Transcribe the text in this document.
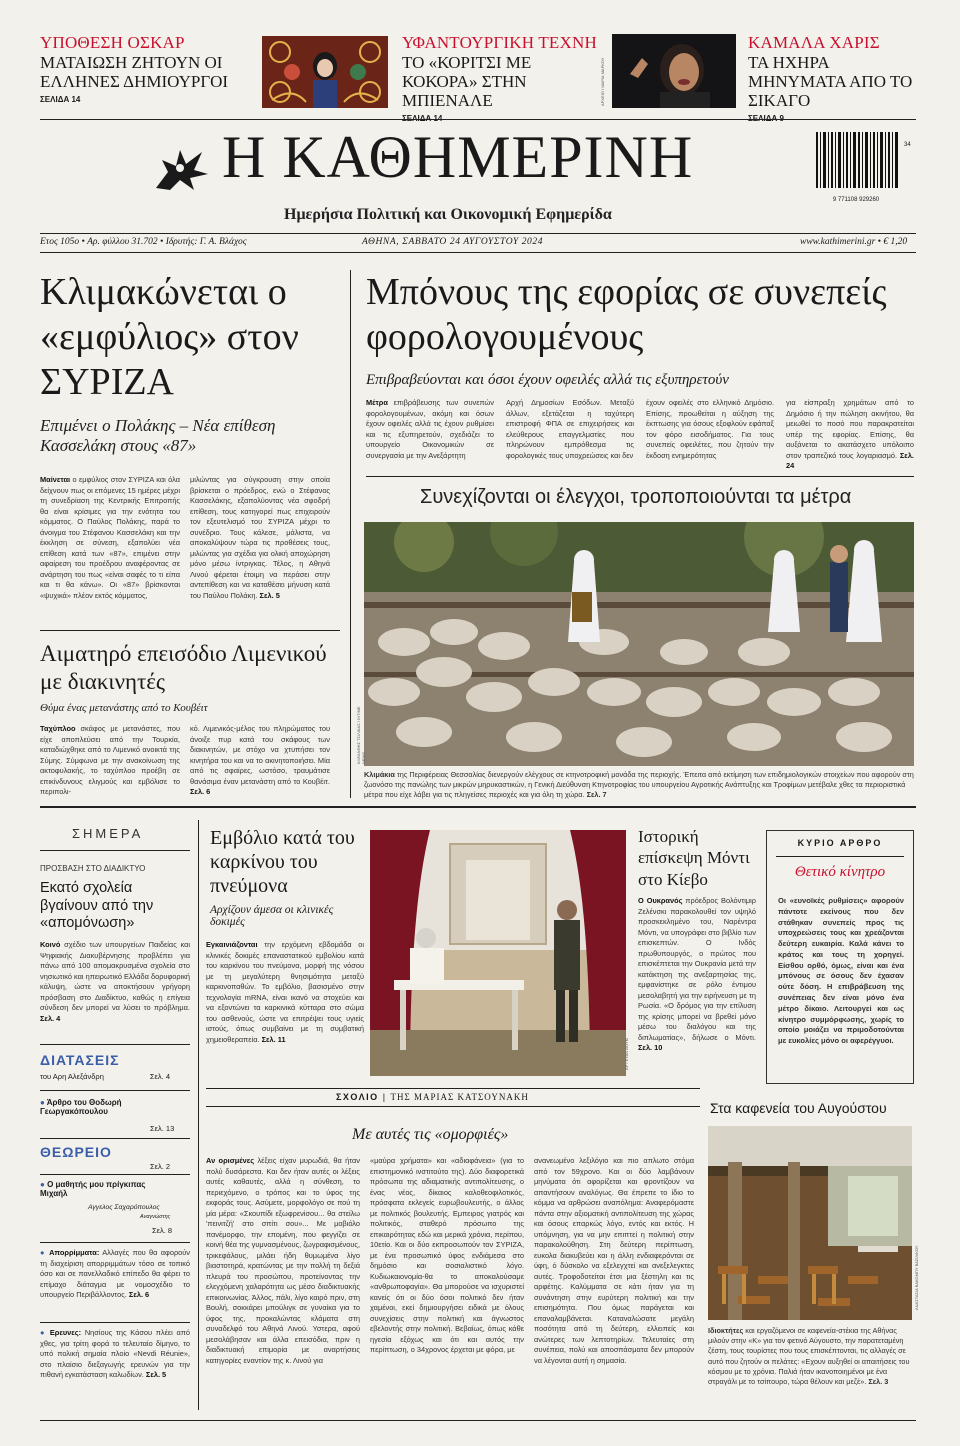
ΥΠΟΘΕΣΗ ΟΣΚΑΡ
ΜΑΤΑΙΩΣΗ ΖΗΤΟΥΝ ΟΙ ΕΛΛΗΝΕΣ ΔΗΜΙΟΥΡΓΟΙ
ΣΕΛΙΔΑ 14
ΥΦΑΝΤΟΥΡΓΙΚΗ ΤΕΧΝΗ
ΤΟ «ΚΟΡΙΤΣΙ ΜΕ ΚΟΚΟΡΑ» ΣΤΗΝ ΜΠΙΕΝΑΛΕ	ΑΡΧΕΙΟ / ΜΑΡΙΑ ΜΑΡΚΟΥ
ΚΑΜΑΛΑ ΧΑΡΙΣ
ΤΑ ΗΧΗΡΑ ΜΗΝΥΜΑΤΑ ΑΠΟ ΤΟ ΣΙΚΑΓΟ
Η ΚΑΘΗΜΕΡΙΝΗ
Ημερήσια Πολιτική και Οικονομική Εφημερίδα
9 771108 929260
34
Ετος 105ο • Αρ. φύλλου 31.702 • Ιδρυτής: Γ. Α. Βλάχος	ΑΘΗΝΑ, ΣΑΒΒΑΤΟ 24 ΑΥΓΟΥΣΤΟΥ 2024	www.kathimerini.gr • € 1,20
Κλιμακώνεται ο «εμφύλιος» στον ΣΥΡΙΖΑ
Επιμένει ο Πολάκης – Νέα επίθεση Κασσελάκη στους «87»
Μαίνεται ο εμφύλιος στον ΣΥΡΙΖΑ και όλα δείχνουν πως οι επόμενες 15 ημέρες μέχρι τη συνεδρίαση της Κεντρικής Επιτροπής θα είναι κρίσιμες για την ενότητα του κόμματος. Ο Παύλος Πολάκης, παρά το άνοιγμα του Στέφανου Κασσελάκη και την έκκληση σε σύνεση, εξαπολύει νέα επίθεση κατά των «87», επιμένει στην αφαίρεση του προέδρου αναφέροντας σε ανάρτηση του πως «είναι σαφές το τι είπα και τι θα κάνω». Οι «87» βρίσκονται «ψυχικά» πλέον εκτός κόμματος,
μιλώντας για σύγκρουση στην οποία βρίσκεται ο πρόεδρος, ενώ ο Στέφανος Κασσελάκης, εξαπολύοντας νέα σφοδρή επίθεση, τους κατηγορεί πως επιχειρούν τον εξευτελισμό του ΣΥΡΙΖΑ μέχρι το συνέδριο. Τους κάλεσε, μάλιστα, να αποκαλύψουν τώρα τις προθέσεις τους, μιλώντας για σχέδια για ολική αποχώρηση μόνο μέσω ίντριγκας. Τέλος, η Αθηνά Λινού φέρεται έτοιμη να περάσει στην αντεπίθεση και να καταθέσει μήνυση κατά του Παύλου Πολάκη. Σελ. 5
Αιματηρό επεισόδιο Λιμενικού με διακινητές
Θύμα ένας μετανάστης από το Κουβέιτ
Ταχύπλοο σκάφος με μετανάστες, που είχε αποπλεύσει από την Τουρκία, καταδιώχθηκε από το Λιμενικό ανοικτά της Σύμης. Σύμφωνα με την ανακοίνωση της ακτοφυλακής, το ταχύπλοο προέβη σε επικίνδυνους ελιγμούς και εμβόλισε το περιπολι-
κό. Λιμενικός-μέλος του πληρώματος του άνοιξε πυρ κατά του σκάφους των διακινητών, με στόχο να χτυπήσει τον κινητήρα του και να το ακινητοποιήσει. Μία από τις σφαίρες, ωστόσο, τραυμάτισε θανάσιμα έναν μετανάστη από το Κουβέιτ. Σελ. 6
Μπόνους της εφορίας σε συνεπείς φορολογουμένους
Επιβραβεύονται και όσοι έχουν οφειλές αλλά τις εξυπηρετούν
Μέτρα επιβράβευσης των συνεπών φορολογουμένων, ακόμη και όσων έχουν οφειλές αλλά τις έχουν ρυθμίσει και τις εξυπηρετούν, σχεδιάζει το υπουργείο Οικονομικών σε συνεργασία με την Ανεξάρτητη
Αρχή Δημοσίων Εσόδων. Μεταξύ άλλων, εξετάζεται η ταχύτερη επιστροφή ΦΠΑ σε επιχειρήσεις και ελεύθερους επαγγελματίες που πληρώνουν εμπρόθεσμα τις φορολογικές τους υποχρεώσεις και δεν
έχουν οφειλές στο ελληνικό Δημόσιο. Επίσης, προωθείται η αύξηση της έκπτωσης για όσους εξοφλούν εφάπαξ τον φόρο εισοδήματος. Για τους συνεπείς οφειλέτες, που ζητούν την έκδοση ενημερότητας
για είσπραξη χρημάτων από το Δημόσιο ή την πώληση ακινήτου, θα μειωθεί το ποσό που παρακρατείται υπέρ της εφορίας. Επίσης, θα αυξάνεται το ακατάσχετο υπόλοιπο στον τραπεζικό τους λογαριασμό. Σελ. 24
Συνεχίζονται οι έλεγχοι, τροποποιούνται τα μέτρα
ΚΛΕΑΝΘΗΣ ΤΣΙΛΙΚΑΣ / INTIME NEWS
Κλιμάκια της Περιφέρειας Θεσσαλίας διενεργούν ελέγχους σε κτηνοτροφική μονάδα της περιοχής. Έπειτα από εκτίμηση των επιδημιολογικών στοιχείων που αφορούν στη ζωονόσο της πανώλης των μικρών μηρυκαστικών, η Γενική Διεύθυνση Κτηνοτροφίας του υπουργείου Αγροτικής Ανάπτυξης και Τροφίμων μετέβαλε χθες τα περιοριστικά μέτρα που είχε λάβει για τις πληγείσες περιοχές και για όλη τη χώρα. Σελ. 7
ΣΗΜΕΡΑ
ΠΡΟΣΒΑΣΗ ΣΤΟ ΔΙΑΔΙΚΤΥΟ
Εκατό σχολεία βγαίνουν από την «απομόνωση»
Κοινό σχέδιο των υπουργείων Παιδείας και Ψηφιακής Διακυβέρνησης προβλέπει για πάνω από 100 απομακρυσμένα σχολεία στο νησιωτικό και ηπειρωτικό Ελλάδα δορυφορική κάλυψη, ώστε να αποκτήσουν γρήγορη πρόσβαση στο Διαδίκτυο, καθώς η επίγεια σύνδεση δεν μπορεί να λύσει το πρόβλημα. Σελ. 4
ΔΙΑΤΑΣΕΙΣ
του Αρη Αλεξάνδρη	Σελ. 4
● Άρθρο του Θοδωρή Γεωργακόπουλου
Σελ. 13
ΘΕΩΡΕΙΟ
Σελ. 2
● Ο μαθητής μου πρίγκιπας Μιχαήλ
Αγγελος Σαχαρόπουλος
Αναγνώστης
Σελ. 8
● Απορρίμματα: Αλλαγές που θα αφορούν τη διαχείριση απορριμμάτων τόσο σε τοπικό όσο και σε πανελλαδικό επίπεδο θα φέρει το επίμαχο διάταγμα με νομοσχέδιο το υπουργείο Περιβάλλοντος. Σελ. 6
● Ερευνες: Νησίους της Κάσου πλέει από χθες, για τρίτη φορά το τελευταίο δίμηνο, το υπό πολική σημαία πλοίο «Nevdi Réunie», στο πλαίσιο διεξαγωγής ερευνών για την πιθανή εγκατάσταση καλωδίων. Σελ. 5
Εμβόλιο κατά του καρκίνου του πνεύμονα
Αρχίζουν άμεσα οι κλινικές δοκιμές
Εγκαινιάζονται την ερχόμενη εβδομάδα οι κλινικές δοκιμές επαναστατικού εμβολίου κατά του καρκίνου του πνεύμονα, μορφή της νόσου με τη μεγαλύτερη θνησιμότητα μεταξύ καρκινοπαθών. Το εμβόλιο, βασισμένο στην τεχνολογία mRNA, είναι ικανό να στοχεύει και να εξοντώνει τα καρκινικά κύτταρα στο σώμα του ασθενούς, ώστε να επιτρέψει τους υγιείς ιστούς, όπως συμβαίνει με τη συμβατική χημειοθεραπεία. Σελ. 11	ΑΡ / ΕΥΑΝ ΒΟΥΚΙ
Ιστορική επίσκεψη Μόντι στο Κίεβο
Ο Ουκρανός πρόεδρος Βολόντιμιρ Ζελένσκι παρακολουθεί τον υψηλό προσκεκλημένο του, Ναρέντρα Μόντι, να υπογράφει στο βιβλίο των επισκεπτών. Ο Ινδός πρωθυπουργός, ο πρώτος που επισκέπτεται την Ουκρανία μετά την κατάκτηση της ανεξαρτησίας της, εμφανίστηκε σε ρόλο έντιμου μεσολαβητή για την ειρήνευση με τη Ρωσία. «Ο δρόμος για την επίλυση της κρίσης μπορεί να βρεθεί μόνο μέσω του διαλόγου και της διπλωματίας», δήλωσε ο Μόντι. Σελ. 10
ΚΥΡΙΟ ΑΡΘΡΟ
Θετικό κίνητρο
Οι «ευνοϊκές ρυθμίσεις» αφορούν πάντοτε εκείνους που δεν στάθηκαν συνεπείς προς τις υποχρεώσεις τους και χρεάζονται δεύτερη ευκαιρία. Καλά κάνει το κράτος και τους τη χορηγεί. Είσθου ορθό, όμως, είναι και ένα μπόνους σε όσους δεν έχασαν ούτε δόση. Η επιβράβευση της συνέπειας δεν είναι μόνο ένα μέτρο δίκαιο. Λειτουργεί και ως κίνητρο συμμόρφωσης, χωρίς το οποίο μοιάζει να πριμοδοτούνται με ευκολίες μόνο οι αφερέγγυοι.
ΣΧΟΛΙΟ | ΤΗΣ ΜΑΡΙΑΣ ΚΑΤΣΟΥΝΑΚΗ
Με αυτές τις «ομορφιές»
Αν ορισμένες λέξεις είχαν μυρωδιά, θα ήταν πολύ δυσάρεστα. Και δεν ήταν αυτές οι λέξεις αυτές καθαυτές, αλλά η σύνθεση, το περιεχόμενο, ο τρόπος και το ύφος της εκφοράς τους. Ασύμετε, μορφολόγο σε πού τη μία μέρα: «Σκουπίδι εξωφρενίσου... θα στείλω 'πεινιτζή' στο σπίτι σου»... Με μοβιόλο πανέμορφο, την επομένη, που φεγγίζει σε κοινή θέα της γυμνασμένους, ζωγραφισμένους, τρικεφάλους, μιλάει ήδη θυμωμένα λίγο βιαστοτηρά, κρατώντας με την πολλή τη δεξιά πλευρά του προσώπου, προτείνοντας την ελεγχόμενη χαλαρότητα ως μέσο διαδικτυακής επικοινωνίας. Άλλος, πάλι, λίγο καιρό πριν, στη Βουλή, σοκκάρει μπούλιγκ σε γυναίκα για το ύφος της, προκαλώντας κλάματα στη συναδελφό του Αθηνά Λινού. Υστερα, αφού μεσολάβησαν και άλλα επεισόδια, πριν η διαδικτυακή επιμορία με αναρτήσεις κατηγορίες εναντίον της κ. Λινού για
«μαύρα χρήματα» και «αδιαφάνεια» (για το επιστημονικό ινστιτούτο της). Δύο διαφορετικά πρόσωπα της αδιαματικής αντιπολίτευσης, ο ένας νέος, δίκαιος καλοθεοφιλοτικός, πρόσφατα εκλεγείς ευρωβουλευτής, ο άλλος με πολιτικός βουλευτής. Εμπειρος γιατρός και πολιτικός, σταθερό πρόσωπο της επικαιρότητας εδώ και μερικά χρόνια, περίπου, 10ετίο. Και οι δύο εκπροσωπούν τον ΣΥΡΙΖΑ, με ένα προσωπικό ύφος ενδιάμεσα στο δημόσιο και σοσιαλιστικό λόγο. Κυδιωκαιονομία-θα το αποκαλούσαμε «ανθρωποφαγία». Θα μπορούσε να ισχυριστεί κανείς ότι οι δύο όσοι πολιτικό δεν ήταν χαμένοι, εκεί δημιουργήσει ειδικά με όλους συνεχίσεις στην πολιτική και άγνωστος εβελοντής στην πολιτική. Βεβαίως, όπως κάθε ηγεσία εξόχως και ότι και αυτός την περίπτωση, ο 34χρονος έρχεται με φόρα, με
ανανεωμένο λεξιλόγιο και πιο απλωτο στόμα από τον 59χρονο. Και οι δύο λαμβάνουν μηνύματα ότι αφορίζεται και φροντίζουν να απαντήσουν αναλόγως. Θα έπρεπε το ίδιο το κόμμα να αρθρώσει αναπόλημα: Αναφερόμαστε πάντα στην αξιοματική αντιπολίτευση της χώρας και όσους επαρκώς λόγο, εντός και εκτός. Η υπόμνηση, για να μην επιπτεί η πολιτική στην παρακολούθηση. Στη δεύτερη περίπτωση, ευκολα διακυβεύει και η άλλη ενδιαφερόνται σε ύφη, ό δύσκολο να εξελεγχτεί και ανεξελεγκτες αυτές. Τροφοδοτείται έτσι μια ξέστηλη και τις αρφέτης. Καλύμματα σε κάτι ήταν για τη συνάντηση στην ευρύτερη πολιτική και την επισημότητα. Που όμως παράγεται και επαναλαμβάνεται. Καταναλώσατε μεγάλη ποσότητα από τη δεύτερη, ελλειπείς και ανώτερες των λεπτοτηρίων. Τελευταίες στη συνέπεια, πολύ και αποσπάσματα δεν μπορούν να λέγονται αυτή η σημασία.
Στα καφενεία του Αυγούστου
ΑΝΑΣΤΑΣΙΑ ΒΑΚΟΜΠΥ ΒΑΣΙΛΙΚΟΥ
Ιδιοκτήτες και εργαζόμενοι σε καφενεία-στέκια της Αθήνας μιλούν στην «Κ» για τον φετινό Αύγουστο, την παρατεταμένη ζέστη, τους τουρίστες που τους επισκέπτονται, τις αλλαγές σε αυτό που ζητούν οι πελάτες: «Εχουν αυξηθεί οι απαιτήσεις του κόσμου με το χρόνια. Παλιά ήταν ικανοποιημένοι με ένα στραγάλι με το τσίπουρο, τώρα θέλουν και μεζέ». Σελ. 3
